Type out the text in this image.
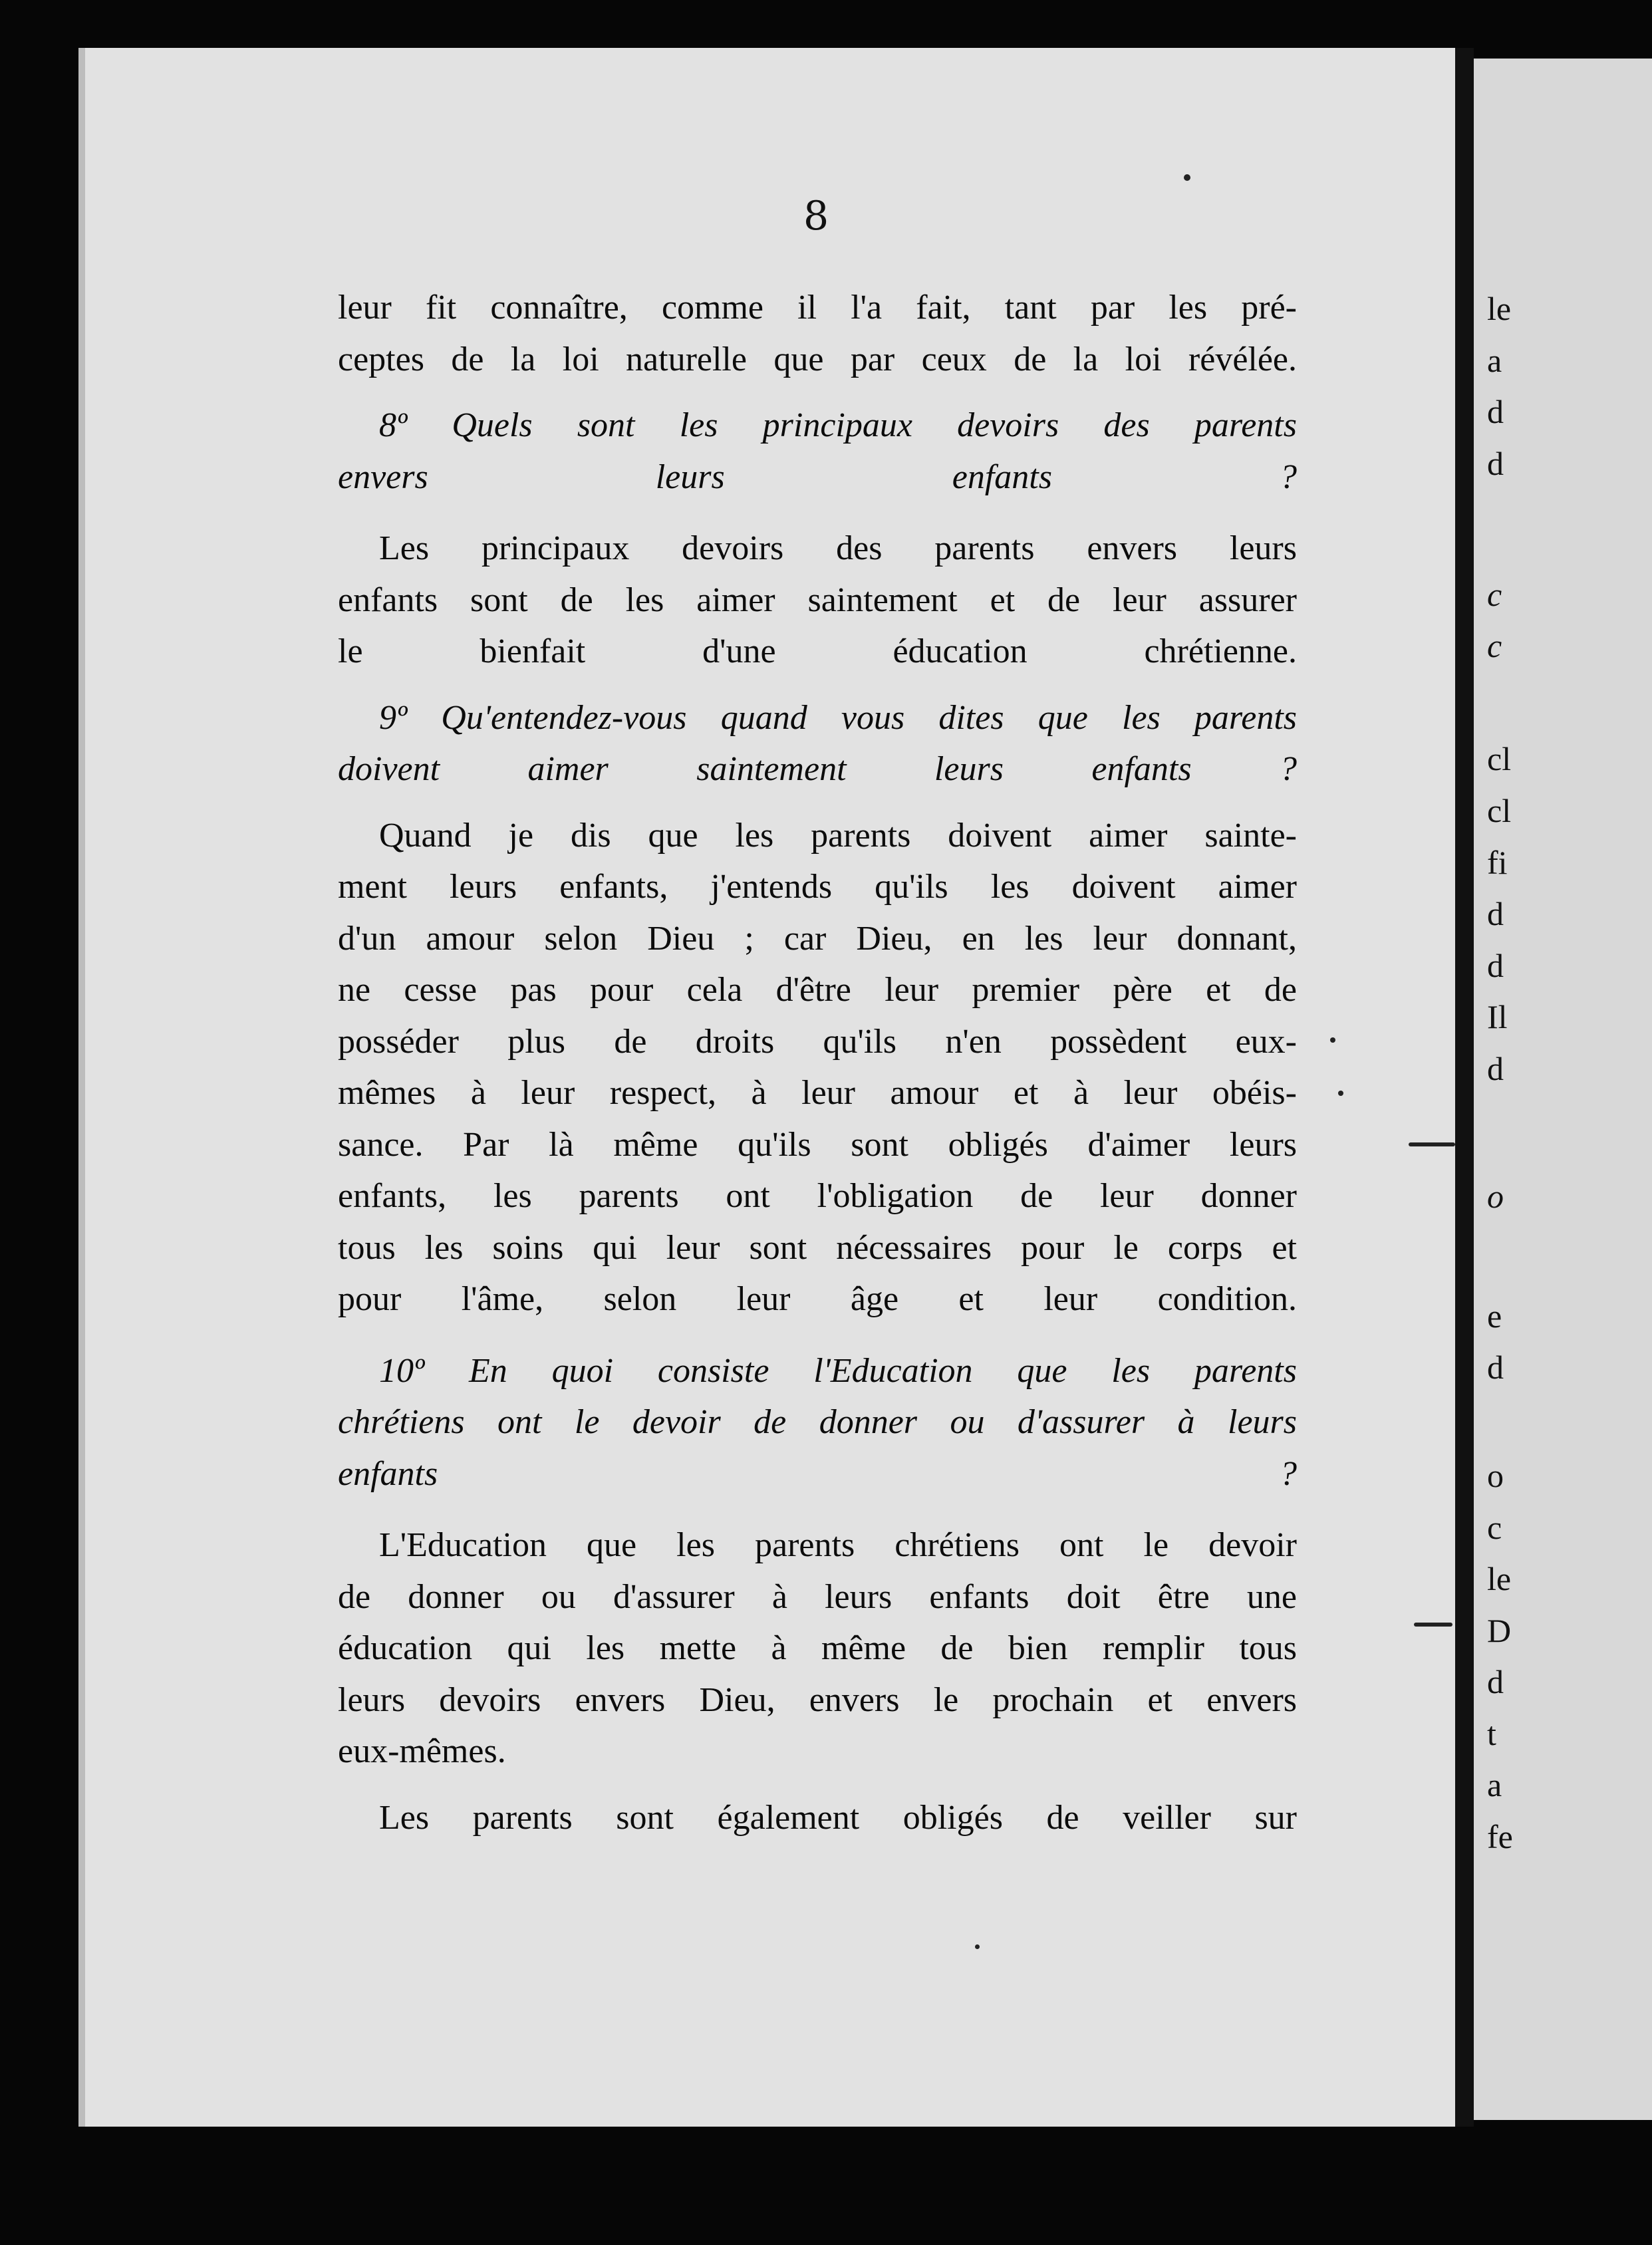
8

leur fit connaître, comme il l'a fait, tant par les pré-
ceptes de la loi naturelle que par ceux de la loi révélée.

8º Quels sont les principaux devoirs des parents
envers leurs enfants ?

Les principaux devoirs des parents envers leurs
enfants sont de les aimer saintement et de leur assurer
le bienfait d'une éducation chrétienne.

9º Qu'entendez-vous quand vous dites que les parents
doivent aimer saintement leurs enfants ?

Quand je dis que les parents doivent aimer sainte-
ment leurs enfants, j'entends qu'ils les doivent aimer
d'un amour selon Dieu ; car Dieu, en les leur donnant,
ne cesse pas pour cela d'être leur premier père et de
posséder plus de droits qu'ils n'en possèdent eux-
mêmes à leur respect, à leur amour et à leur obéis-
sance. Par là même qu'ils sont obligés d'aimer leurs
enfants, les parents ont l'obligation de leur donner
tous les soins qui leur sont nécessaires pour le corps et
pour l'âme, selon leur âge et leur condition.

10º En quoi consiste l'Education que les parents
chrétiens ont le devoir de donner ou d'assurer à leurs
enfants ?

L'Education que les parents chrétiens ont le devoir
de donner ou d'assurer à leurs enfants doit être une
éducation qui les mette à même de bien remplir tous
leurs devoirs envers Dieu, envers le prochain et envers
eux-mêmes.

Les parents sont également obligés de veiller sur

le
a
d
d
c
c
cl
cl
fi
d
d
Il
d
o
e
d
o
c
le
D
d
t
a
fe
